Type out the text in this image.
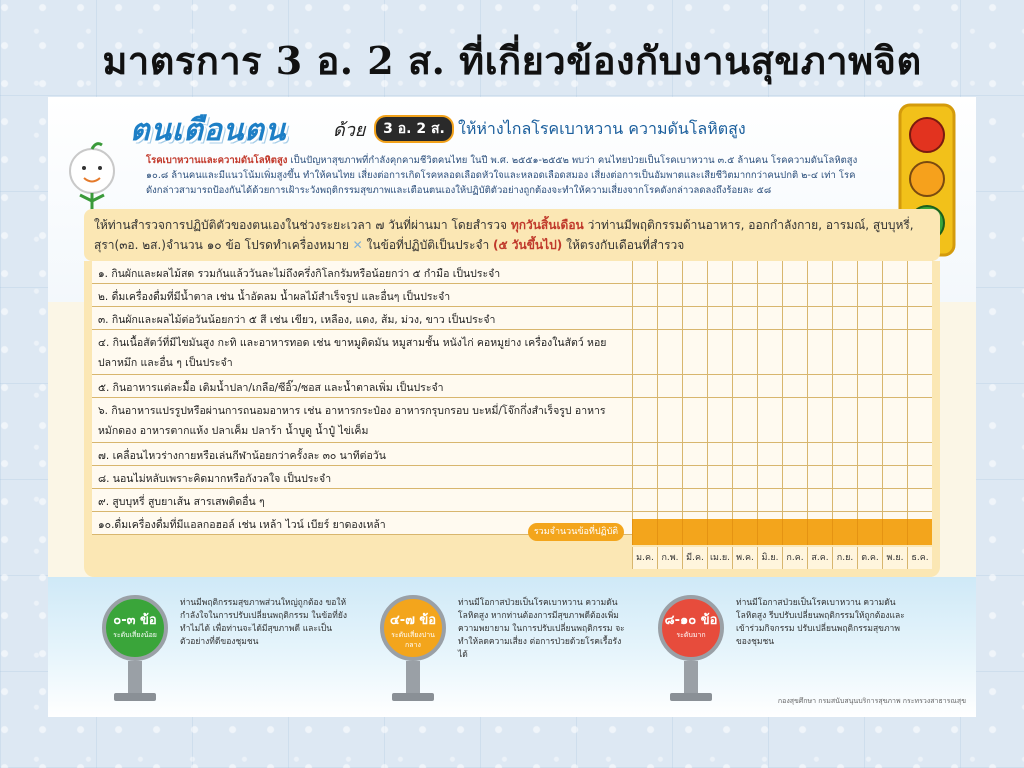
มาตรการ 3 อ. 2 ส. ที่เกี่ยวข้องกับงานสุขภาพจิต
ตนเตือนตน	ด้วย	3 อ. 2 ส. ให้ห่างไกลโรคเบาหวาน ความดันโลหิตสูง
โรคเบาหวานและความดันโลหิตสูง เป็นปัญหาสุขภาพที่กำลังคุกคามชีวิตคนไทย ในปี พ.ศ. ๒๕๕๑-๒๕๕๒ พบว่า คนไทยป่วยเป็นโรคเบาหวาน ๓.๕ ล้านคน โรคความดันโลหิตสูง ๑๐.๘ ล้านคนและมีแนวโน้มเพิ่มสูงขึ้น ทำให้คนไทย เสี่ยงต่อการเกิดโรคหลอดเลือดหัวใจและหลอดเลือดสมอง เสี่ยงต่อการเป็นอัมพาตและเสียชีวิตมากกว่าคนปกติ ๒-๔ เท่า โรคดังกล่าวสามารถป้องกันได้ด้วยการเฝ้าระวังพฤติกรรมสุขภาพและเตือนตนเองให้ปฏิบัติตัวอย่างถูกต้องจะทำให้ความเสี่ยงจากโรคดังกล่าวลดลงถึงร้อยละ ๕๘
ให้ท่านสำรวจการปฏิบัติตัวของตนเองในช่วงระยะเวลา ๗ วันที่ผ่านมา โดยสำรวจ ทุกวันสิ้นเดือน ว่าท่านมีพฤติกรรมด้านอาหาร, ออกกำลังกาย, อารมณ์, สูบบุหรี่, สุรา(๓อ. ๒ส.)จำนวน ๑๐ ข้อ โปรดทำเครื่องหมาย ✕ ในข้อที่ปฏิบัติเป็นประจำ (๕ วันขึ้นไป) ให้ตรงกับเดือนที่สำรวจ
๑. กินผักและผลไม้สด รวมกันแล้ววันละไม่ถึงครึ่งกิโลกรัมหรือน้อยกว่า ๕ กำมือ เป็นประจำ
๒. ดื่มเครื่องดื่มที่มีน้ำตาล เช่น น้ำอัดลม น้ำผลไม้สำเร็จรูป และอื่นๆ เป็นประจำ
๓. กินผักและผลไม้ต่อวันน้อยกว่า ๕ สี เช่น เขียว, เหลือง, แดง, ส้ม, ม่วง, ขาว เป็นประจำ
๔. กินเนื้อสัตว์ที่มีไขมันสูง กะทิ และอาหารทอด เช่น ขาหมูติดมัน หมูสามชั้น หนังไก่ คอหมูย่าง เครื่องในสัตว์ หอย ปลาหมึก และอื่น ๆ เป็นประจำ
๕. กินอาหารแต่ละมื้อ เติมน้ำปลา/เกลือ/ซีอิ๊ว/ซอส และน้ำตาลเพิ่ม เป็นประจำ
๖. กินอาหารแปรรูปหรือผ่านการถนอมอาหาร เช่น อาหารกระป๋อง อาหารกรุบกรอบ บะหมี่/โจ๊กกึ่งสำเร็จรูป อาหารหมักดอง อาหารตากแห้ง ปลาเค็ม ปลาร้า น้ำบูดู น้ำปู๋ ไข่เค็ม
๗. เคลื่อนไหวร่างกายหรือเล่นกีฬาน้อยกว่าครั้งละ ๓๐ นาทีต่อวัน
๘. นอนไม่หลับเพราะคิดมากหรือกังวลใจ เป็นประจำ
๙. สูบบุหรี่ สูบยาเส้น สารเสพติดอื่น ๆ
๑๐.ดื่มเครื่องดื่มที่มีแอลกอฮอล์ เช่น เหล้า ไวน์ เบียร์ ยาดองเหล้า
รวมจำนวนข้อที่ปฏิบัติ
ม.ค. ก.พ. มี.ค. เม.ย. พ.ค. มิ.ย. ก.ค. ส.ค. ก.ย. ต.ค. พ.ย. ธ.ค.
๐-๓ ข้อ
ระดับเสี่ยงน้อย
ท่านมีพฤติกรรมสุขภาพส่วนใหญ่ถูกต้อง ขอให้กำลังใจในการปรับเปลี่ยนพฤติกรรม ในข้อที่ยังทำไม่ได้ เพื่อท่านจะได้มีสุขภาพดี และเป็นตัวอย่างที่ดีของชุมชน
๔-๗ ข้อ
ระดับเสี่ยงปานกลาง
ท่านมีโอกาสป่วยเป็นโรคเบาหวาน ความดันโลหิตสูง หากท่านต้องการมีสุขภาพดีต้องเพิ่มความพยายาม ในการปรับเปลี่ยนพฤติกรรม จะทำให้ลดความเสี่ยง ต่อการป่วยด้วยโรคเรื้อรังได้
๘-๑๐ ข้อ
ระดับมาก
ท่านมีโอกาสป่วยเป็นโรคเบาหวาน ความดันโลหิตสูง รีบปรับเปลี่ยนพฤติกรรมให้ถูกต้องและเข้าร่วมกิจกรรม ปรับเปลี่ยนพฤติกรรมสุขภาพของชุมชน
กองสุขศึกษา กรมสนับสนุนบริการสุขภาพ กระทรวงสาธารณสุข
